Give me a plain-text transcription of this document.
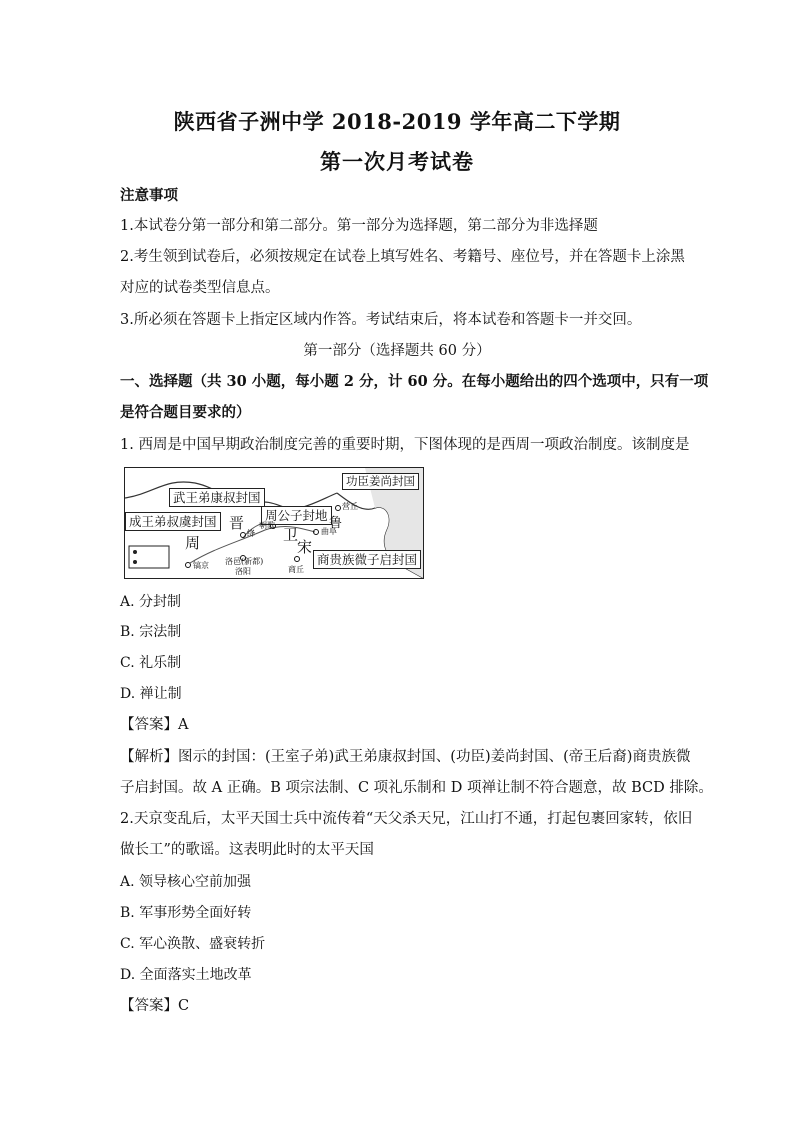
陕西省子洲中学 2018-2019 学年高二下学期
第一次月考试卷
注意事项
1.本试卷分第一部分和第二部分。第一部分为选择题，第二部分为非选择题
2.考生领到试卷后，必须按规定在试卷上填写姓名、考籍号、座位号，并在答题卡上涂黑
对应的试卷类型信息点。
3.所必须在答题卡上指定区域内作答。考试结束后，将本试卷和答题卡一并交回。
第一部分（选择题共 60 分）
一、选择题（共 30 小题，每小题 2 分，计 60 分。在每小题给出的四个选项中，只有一项
是符合题目要求的）
1. 西周是中国早期政治制度完善的重要时期，下图体现的是西周一项政治制度。该制度是
功臣姜尚封国
武王弟康叔封国
成王弟叔虞封国	周公子封地
商贵族微子启封国
晋
周	卫
宋
鲁
营丘
绛
朝歌
曲阜
镐京 洛邑(新都)
洛阳	商丘
A. 分封制
B. 宗法制
C. 礼乐制
D. 禅让制
【答案】A
【解析】图示的封国：(王室子弟)武王弟康叔封国、(功臣)姜尚封国、(帝王后裔)商贵族微
子启封国。故 A 正确。B 项宗法制、C 项礼乐制和 D 项禅让制不符合题意，故 BCD 排除。
2.天京变乱后，太平天国士兵中流传着“天父杀天兄，江山打不通，打起包裹回家转，依旧
做长工”的歌谣。这表明此时的太平天国
A. 领导核心空前加强
B. 军事形势全面好转
C. 军心涣散、盛衰转折
D. 全面落实土地改革
【答案】C
